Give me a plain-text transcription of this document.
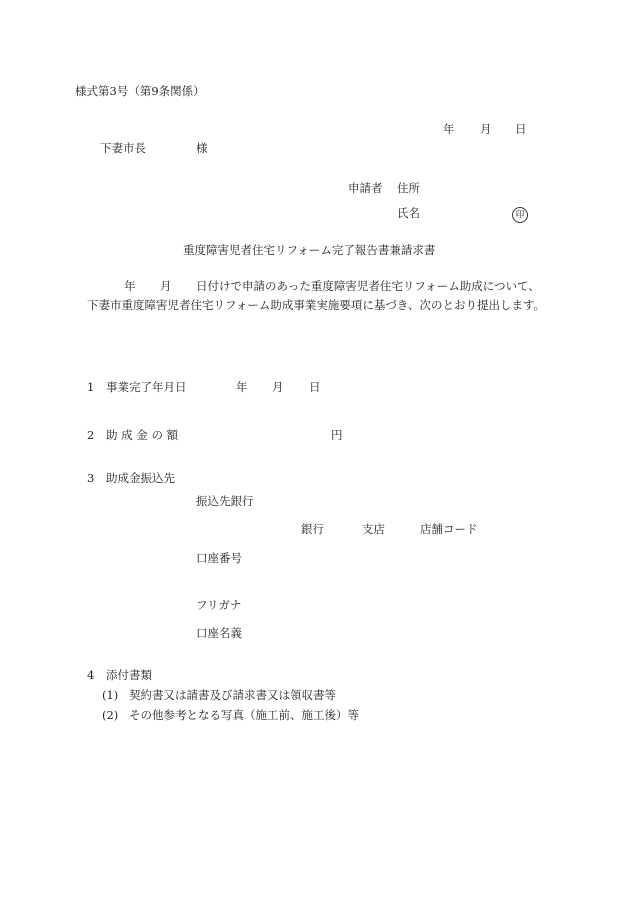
様式第3号（第9条関係）
年 月 日
下妻市長	様
申請者 住所
氏名	印
重度障害児者住宅リフォーム完了報告書兼請求書
年 月 日付けで申請のあった重度障害児者住宅リフォーム助成について、
下妻市重度障害児者住宅リフォーム助成事業実施要項に基づき、次のとおり提出します。
1 事業完了年月日	年 月 日
2 助 成 金 の 額	円
3 助成金振込先
振込先銀行
銀行	支店	店舗コード
口座番号
フリガナ
口座名義
4 添付書類
(1) 契約書又は請書及び請求書又は領収書等
(2) その他参考となる写真（施工前、施工後）等
